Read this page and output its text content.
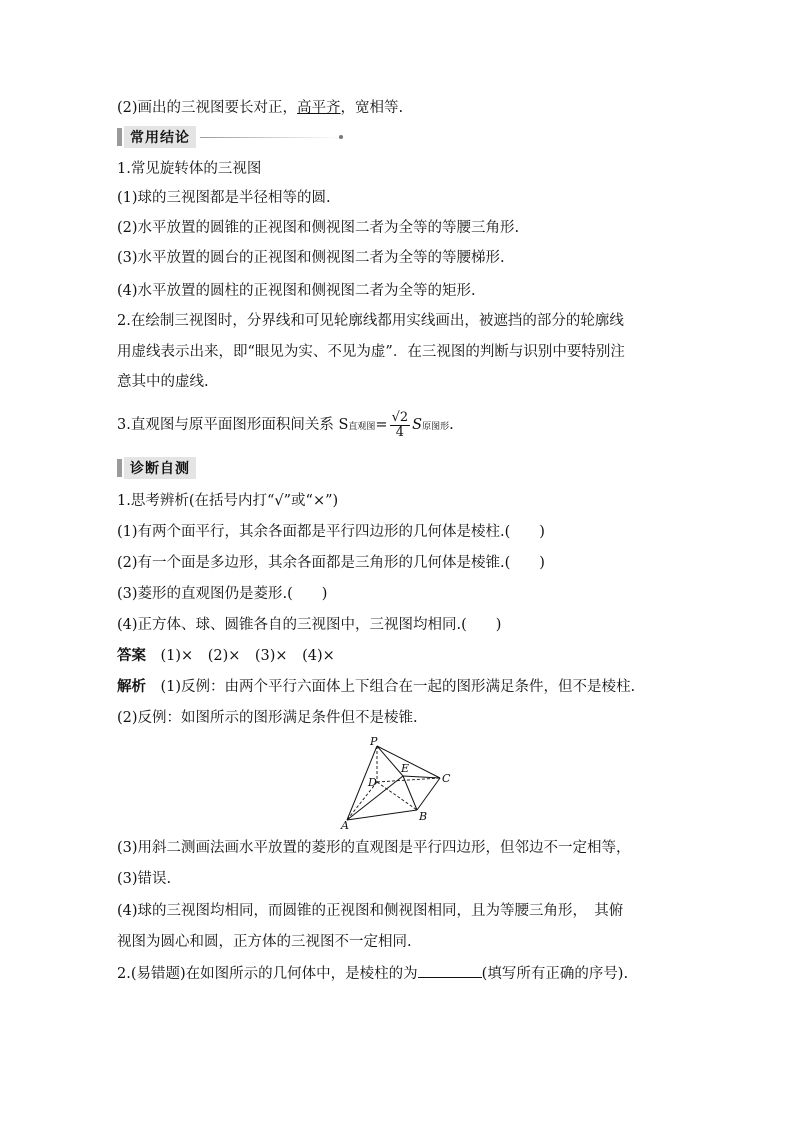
(2)画出的三视图要长对正，高平齐，宽相等.
常用结论
1.常见旋转体的三视图
(1)球的三视图都是半径相等的圆.
(2)水平放置的圆锥的正视图和侧视图二者为全等的等腰三角形.
(3)水平放置的圆台的正视图和侧视图二者为全等的等腰梯形.
(4)水平放置的圆柱的正视图和侧视图二者为全等的矩形.
2.在绘制三视图时，分界线和可见轮廓线都用实线画出，被遮挡的部分的轮廓线
用虚线表示出来，即“眼见为实、不见为虚”．在三视图的判断与识别中要特别注
意其中的虚线.
3.直观图与原平面图形面积间关系 S直观图= $\frac{√2}{4}$ S原图形.
诊断自测
1.思考辨析(在括号内打“√”或“×”)
(1)有两个面平行，其余各面都是平行四边形的几何体是棱柱.(　　)
(2)有一个面是多边形，其余各面都是三角形的几何体是棱锥.(　　)
(3)菱形的直观图仍是菱形.(　　)
(4)正方体、球、圆锥各自的三视图中，三视图均相同.(　　)
答案　(1)×　(2)×　(3)×　(4)×
解析　(1)反例：由两个平行六面体上下组合在一起的图形满足条件，但不是棱柱.
(2)反例：如图所示的图形满足条件但不是棱锥.
P
D
E
C
A
B
(3)用斜二测画法画水平放置的菱形的直观图是平行四边形，但邻边不一定相等，
(3)错误.
(4)球的三视图均相同，而圆锥的正视图和侧视图相同，且为等腰三角形，　其俯
视图为圆心和圆，正方体的三视图不一定相同.
2.(易错题)在如图所示的几何体中，是棱柱的为	(填写所有正确的序号).
